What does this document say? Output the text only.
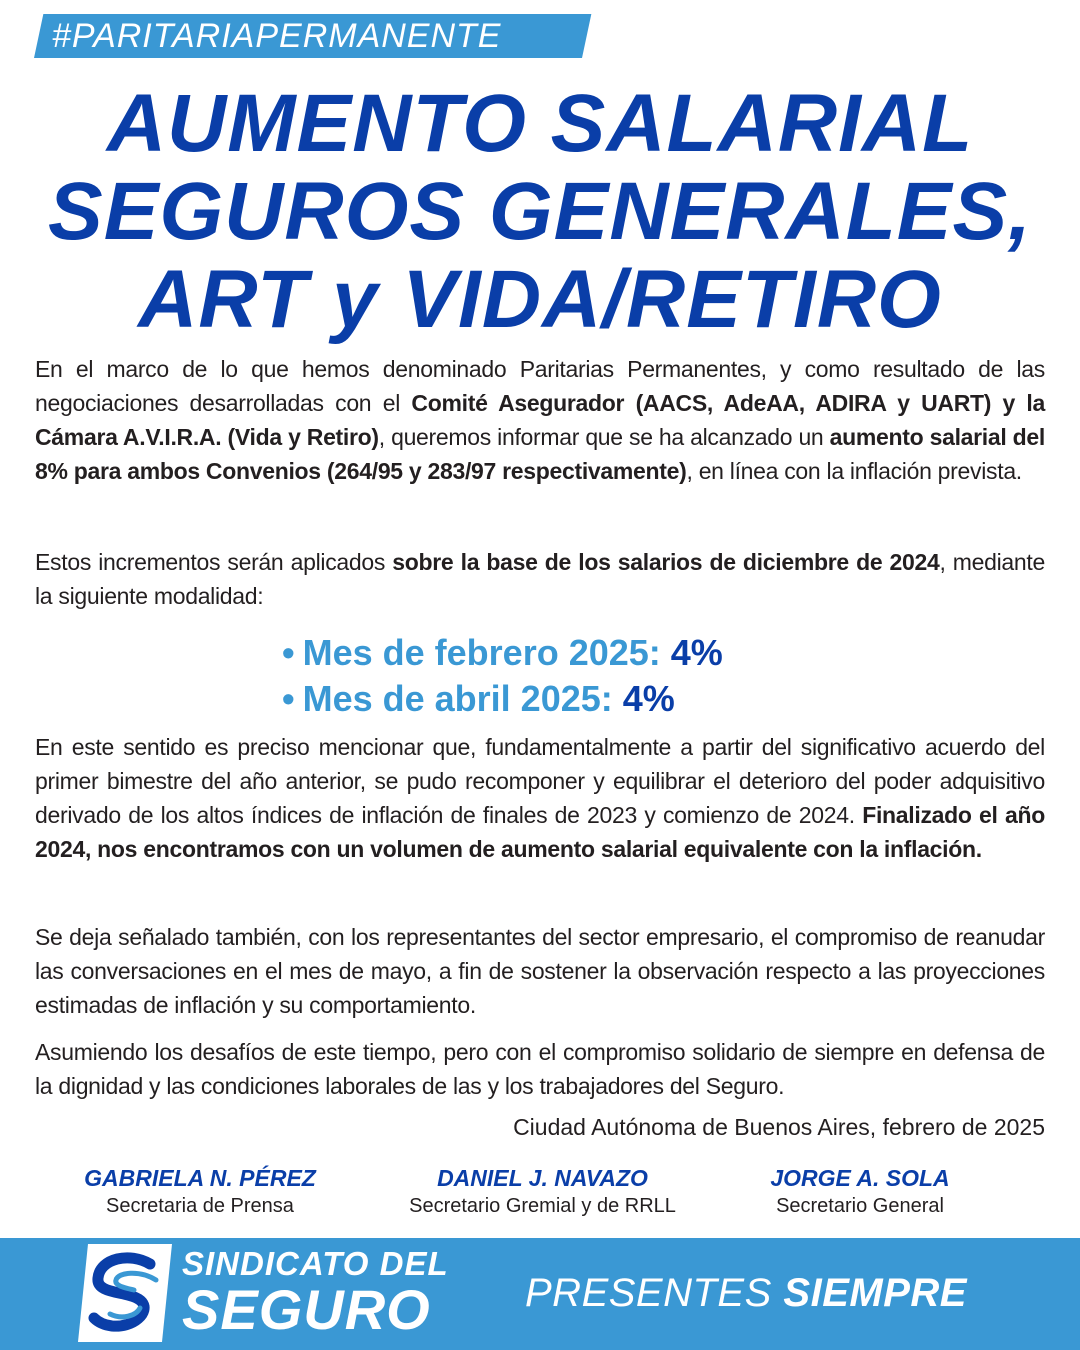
#PARITARIAPERMANENTE
AUMENTO SALARIAL
SEGUROS GENERALES,
ART y VIDA/RETIRO

En el marco de lo que hemos denominado Paritarias Permanentes, y como resultado de las negociaciones desarrolladas con el Comité Asegurador (AACS, AdeAA, ADIRA y UART) y la Cámara A.V.I.R.A. (Vida y Retiro), queremos informar que se ha alcanzado un aumento salarial del 8% para ambos Convenios (264/95 y 283/97 respectivamente), en línea con la inflación prevista.

Estos incrementos serán aplicados sobre la base de los salarios de diciembre de 2024, mediante la siguiente modalidad:

• Mes de febrero 2025: 4%
• Mes de abril 2025: 4%

En este sentido es preciso mencionar que, fundamentalmente a partir del significativo acuerdo del primer bimestre del año anterior, se pudo recomponer y equilibrar el deterioro del poder adquisitivo derivado de los altos índices de inflación de finales de 2023 y comienzo de 2024. Finalizado el año 2024, nos encontramos con un volumen de aumento salarial equivalente con la inflación.

Se deja señalado también, con los representantes del sector empresario, el compromiso de reanudar las conversaciones en el mes de mayo, a fin de sostener la observación respecto a las proyecciones estimadas de inflación y su comportamiento.

Asumiendo los desafíos de este tiempo, pero con el compromiso solidario de siempre en defensa de la dignidad y las condiciones laborales de las y los trabajadores del Seguro.

Ciudad Autónoma de Buenos Aires, febrero de 2025
GABRIELA N. PÉREZ
Secretaria de Prensa
DANIEL J. NAVAZO
Secretario Gremial y de RRLL
JORGE A. SOLA
Secretario General
SINDICATO DEL
SEGURO	PRESENTES SIEMPRE
